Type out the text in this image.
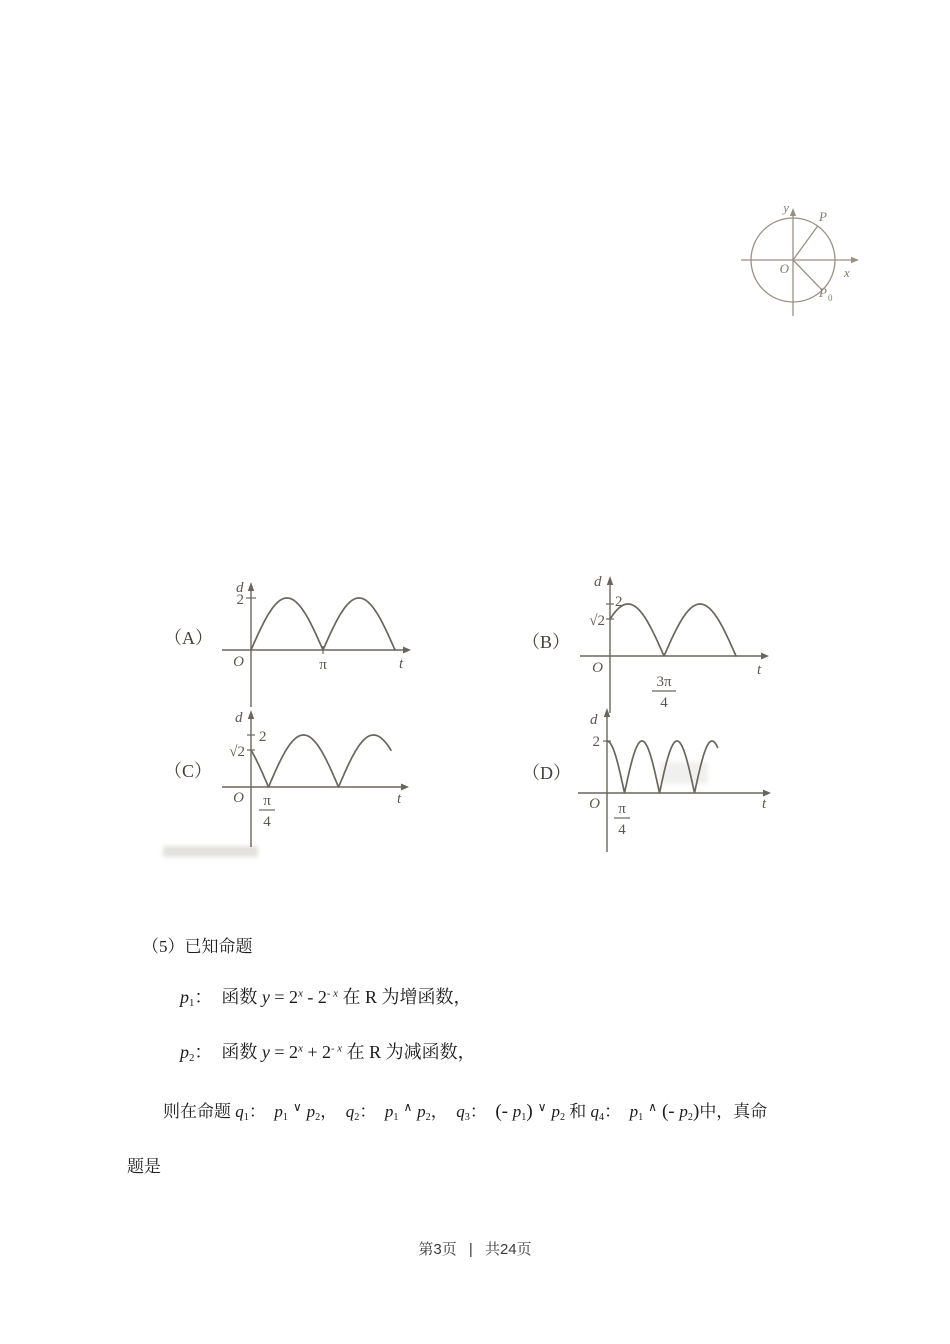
y
x
O
P
P 0
（A）
d
2
O	π	t
（B）
d
2
√2
O
3π
4
t
（C）
d
2
√2
O π
4
t
（D）
d
2
O π
4
t
（5）已知命题
p1：  函数 $y = 2^x - 2^{- x}$ 在 R 为增函数，
p2：  函数 $y = 2^x + 2^{- x}$ 在 R 为减函数，
则在命题 q1：  p1∨ p2，  q2：  p1∧ p2，  q3：  (- p1) ∨ p2 和 q4：  p1∧ (- p2)中，真命
题是
第3页 | 共24页
